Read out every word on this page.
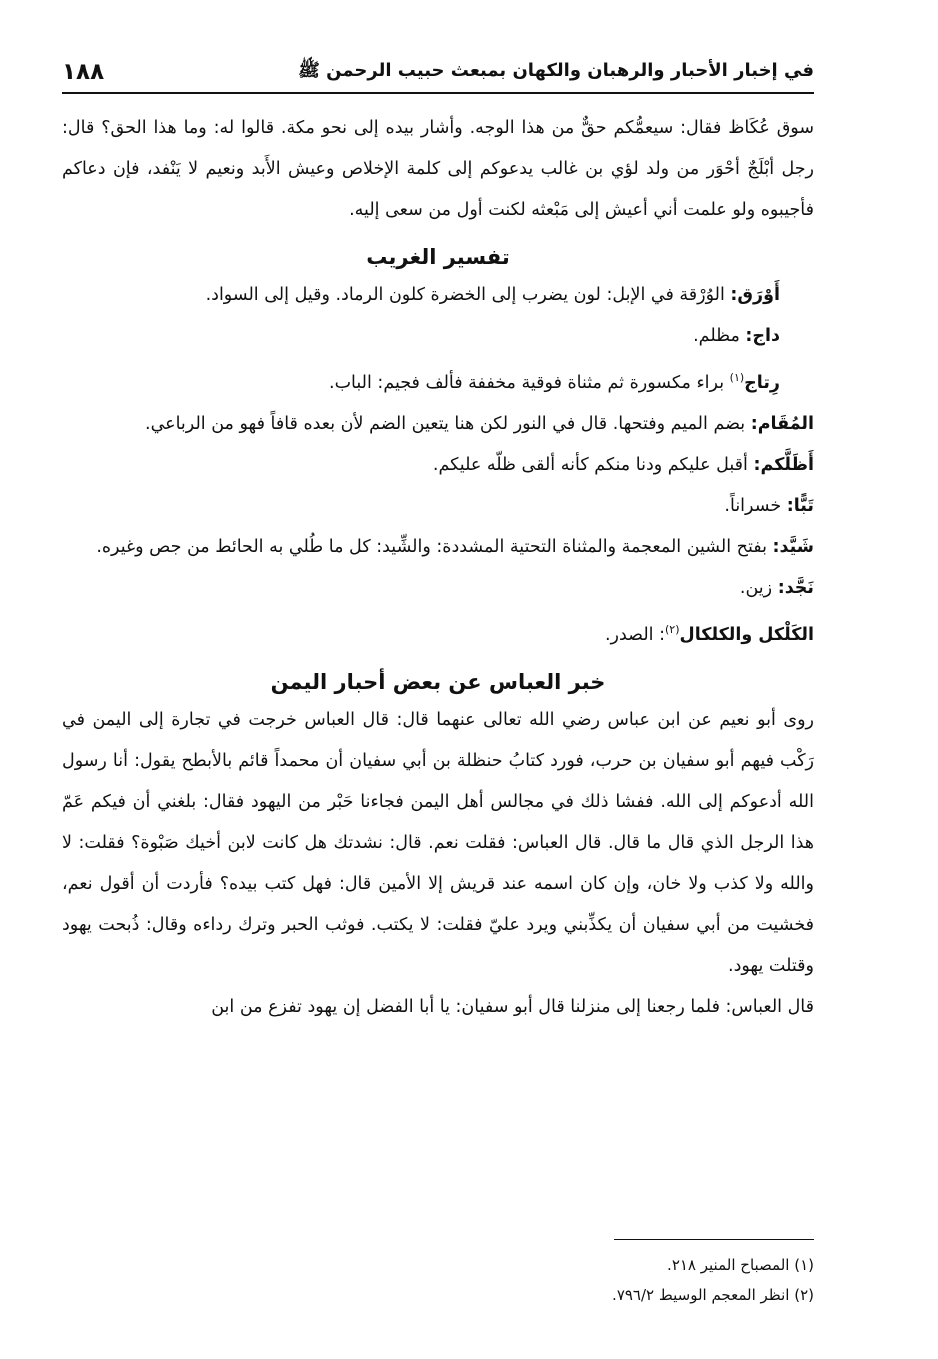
في إخبار الأحبار والرهبان والكهان بمبعث حبيب الرحمن ﷺ
١٨٨

سوق عُكَاظ فقال: سيعمُّكم حقٌّ من هذا الوجه. وأشار بيده إلى نحو مكة. قالوا له: وما هذا الحق؟ قال: رجل أبْلَجٌ أحْوَر من ولد لؤي بن غالب يدعوكم إلى كلمة الإخلاص وعيش الأَبد ونعيم لا يَنْفد، فإن دعاكم فأجيبوه ولو علمت أني أعيش إلى مَبْعثه لكنت أول من سعى إليه.

تفسير الغريب
أَوْرَق: الوُرْقة في الإبل: لون يضرب إلى الخضرة كلون الرماد. وقيل إلى السواد.
داج: مظلم.
رِتاج$^{(١)}$ براء مكسورة ثم مثناة فوقية مخففة فألف فجيم: الباب.
المُقَام: بضم الميم وفتحها. قال في النور لكن هنا يتعين الضم لأن بعده قافاً فهو من الرباعي.
أَظَلَّكم: أقبل عليكم ودنا منكم كأنه ألقى ظلّه عليكم.
تَبًّا: خسراناً.
شَيَّد: بفتح الشين المعجمة والمثناة التحتية المشددة: والشِّيد: كل ما طُلي به الحائط من جص وغيره.
نَجَّد: زين.
الكَلْكل والكلكال$^{(٢)}$: الصدر.
خبر العباس عن بعض أحبار اليمن

روى أبو نعيم عن ابن عباس رضي الله تعالى عنهما قال: قال العباس خرجت في تجارة إلى اليمن في رَكْب فيهم أبو سفيان بن حرب، فورد كتابُ حنظلة بن أبي سفيان أن محمداً قائم بالأبطح يقول: أنا رسول الله أدعوكم إلى الله. ففشا ذلك في مجالس أهل اليمن فجاءنا حَبْر من اليهود فقال: بلغني أن فيكم عَمّ هذا الرجل الذي قال ما قال. قال العباس: فقلت نعم. قال: نشدتك هل كانت لابن أخيك صَبْوة؟ فقلت: لا والله ولا كذب ولا خان، وإن كان اسمه عند قريش إلا الأمين قال: فهل كتب بيده؟ فأردت أن أقول نعم، فخشيت من أبي سفيان أن يكذِّبني ويرد عليّ فقلت: لا يكتب. فوثب الحبر وترك رداءه وقال: ذُبحت يهود وقتلت يهود.

قال العباس: فلما رجعنا إلى منزلنا قال أبو سفيان: يا أبا الفضل إن يهود تفزع من ابن

(١) المصباح المنير ٢١٨.
(٢) انظر المعجم الوسيط ٧٩٦/٢.
